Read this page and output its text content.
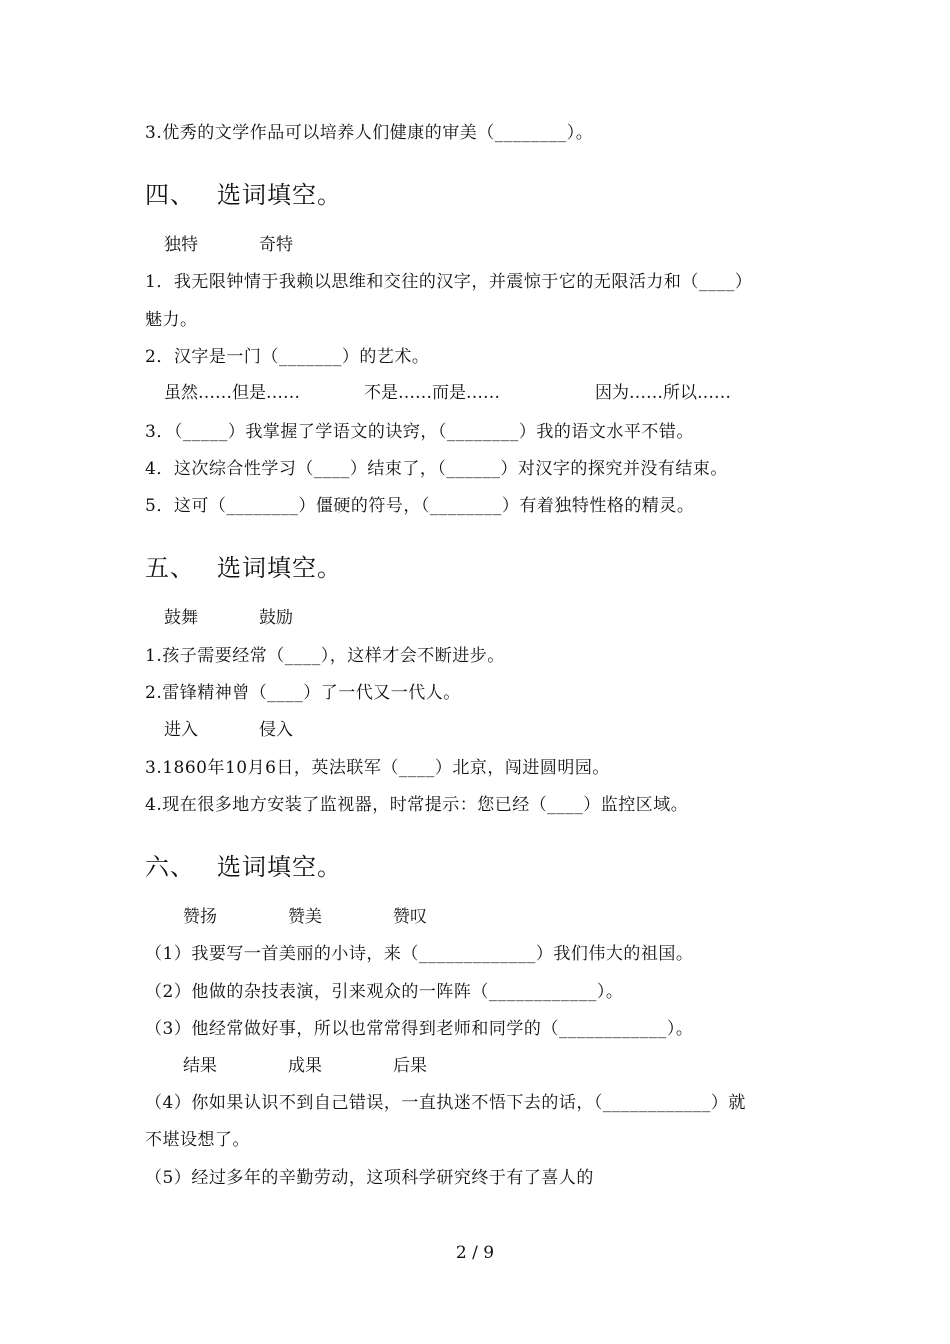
3.优秀的文学作品可以培养人们健康的审美（________）。
四、 选词填空。
独特	奇特
1．我无限钟情于我赖以思维和交往的汉字，并震惊于它的无限活力和（____）
魅力。
2．汉字是一门（_______）的艺术。
虽然……但是……	不是……而是……	因为……所以……
3．（_____）我掌握了学语文的诀窍，（________）我的语文水平不错。
4．这次综合性学习（____）结束了，（______）对汉字的探究并没有结束。
5．这可（________）僵硬的符号，（________）有着独特性格的精灵。
五、 选词填空。
鼓舞	鼓励
1.孩子需要经常（____），这样才会不断进步。
2.雷锋精神曾（____）了一代又一代人。
进入	侵入
3.1860年10月6日，英法联军（____）北京，闯进圆明园。
4.现在很多地方安装了监视器，时常提示：您已经（____）监控区域。
六、 选词填空。
赞扬	赞美	赞叹
（1）我要写一首美丽的小诗，来（_____________）我们伟大的祖国。
（2）他做的杂技表演，引来观众的一阵阵（____________）。
（3）他经常做好事，所以也常常得到老师和同学的（____________）。
结果	成果	后果
（4）你如果认识不到自己错误，一直执迷不悟下去的话，（____________）就
不堪设想了。
（5）经过多年的辛勤劳动，这项科学研究终于有了喜人的
2 / 9
